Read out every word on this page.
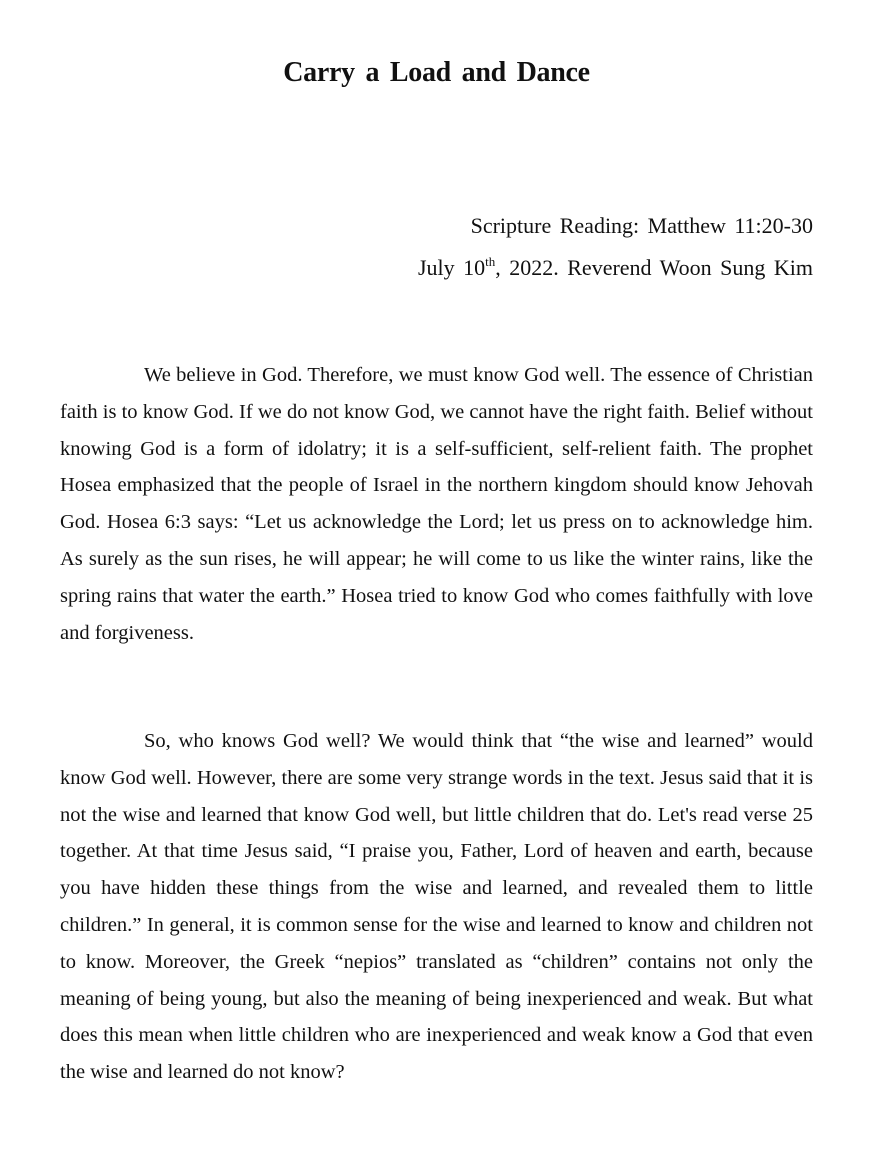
Carry a Load and Dance
Scripture Reading: Matthew 11:20-30
July 10th, 2022. Reverend Woon Sung Kim

We believe in God. Therefore, we must know God well. The essence of Christian faith is to know God. If we do not know God, we cannot have the right faith. Belief without knowing God is a form of idolatry; it is a self-sufficient, self-relient faith. The prophet Hosea emphasized that the people of Israel in the northern kingdom should know Jehovah God. Hosea 6:3 says: “Let us acknowledge the Lord; let us press on to acknowledge him. As surely as the sun rises, he will appear; he will come to us like the winter rains, like the spring rains that water the earth.” Hosea tried to know God who comes faithfully with love and forgiveness.

So, who knows God well? We would think that “the wise and learned” would know God well. However, there are some very strange words in the text. Jesus said that it is not the wise and learned that know God well, but little children that do. Let's read verse 25 together. At that time Jesus said, “I praise you, Father, Lord of heaven and earth, because you have hidden these things from the wise and learned, and revealed them to little children.” In general, it is common sense for the wise and learned to know and children not to know. Moreover, the Greek “nepios” translated as “children” contains not only the meaning of being young, but also the meaning of being inexperienced and weak. But what does this mean when little children who are inexperienced and weak know a God that even the wise and learned do not know?
